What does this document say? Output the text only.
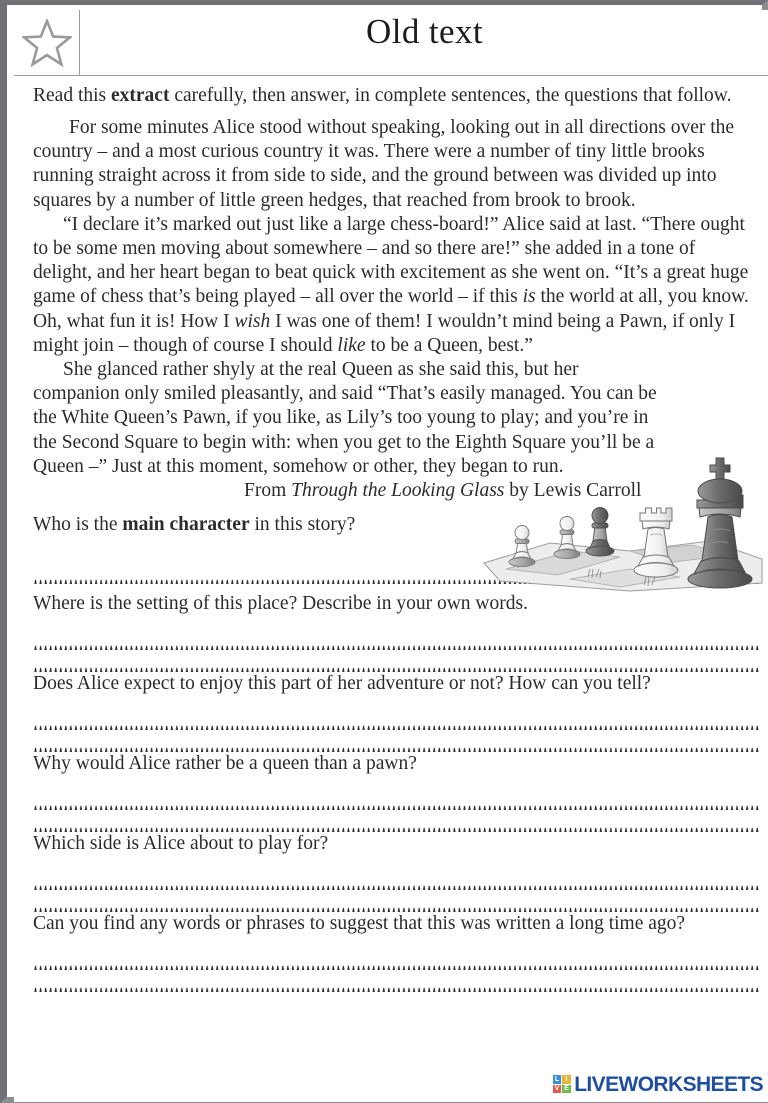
Old text

Read this extract carefully, then answer, in complete sentences, the questions that follow.

For some minutes Alice stood without speaking, looking out in all directions over the country – and a most curious country it was. There were a number of tiny little brooks running straight across it from side to side, and the ground between was divided up into squares by a number of little green hedges, that reached from brook to brook.

“I declare it’s marked out just like a large chess-board!” Alice said at last. “There ought to be some men moving about somewhere – and so there are!” she added in a tone of delight, and her heart began to beat quick with excitement as she went on. “It’s a great huge game of chess that’s being played – all over the world – if this is the world at all, you know. Oh, what fun it is! How I wish I was one of them! I wouldn’t mind being a Pawn, if only I might join – though of course I should like to be a Queen, best.”

She glanced rather shyly at the real Queen as she said this, but her companion only smiled pleasantly, and said “That’s easily managed. You can be the White Queen’s Pawn, if you like, as Lily’s too young to play; and you’re in the Second Square to begin with: when you get to the Eighth Square you’ll be a Queen –” Just at this moment, somehow or other, they began to run.

From Through the Looking Glass by Lewis Carroll

Who is the main character in this story?

Where is the setting of this place? Describe in your own words.

Does Alice expect to enjoy this part of her adventure or not? How can you tell?

Why would Alice rather be a queen than a pawn?

Which side is Alice about to play for?

Can you find any words or phrases to suggest that this was written a long time ago?

L I
V E LIVEWORKSHEETS
